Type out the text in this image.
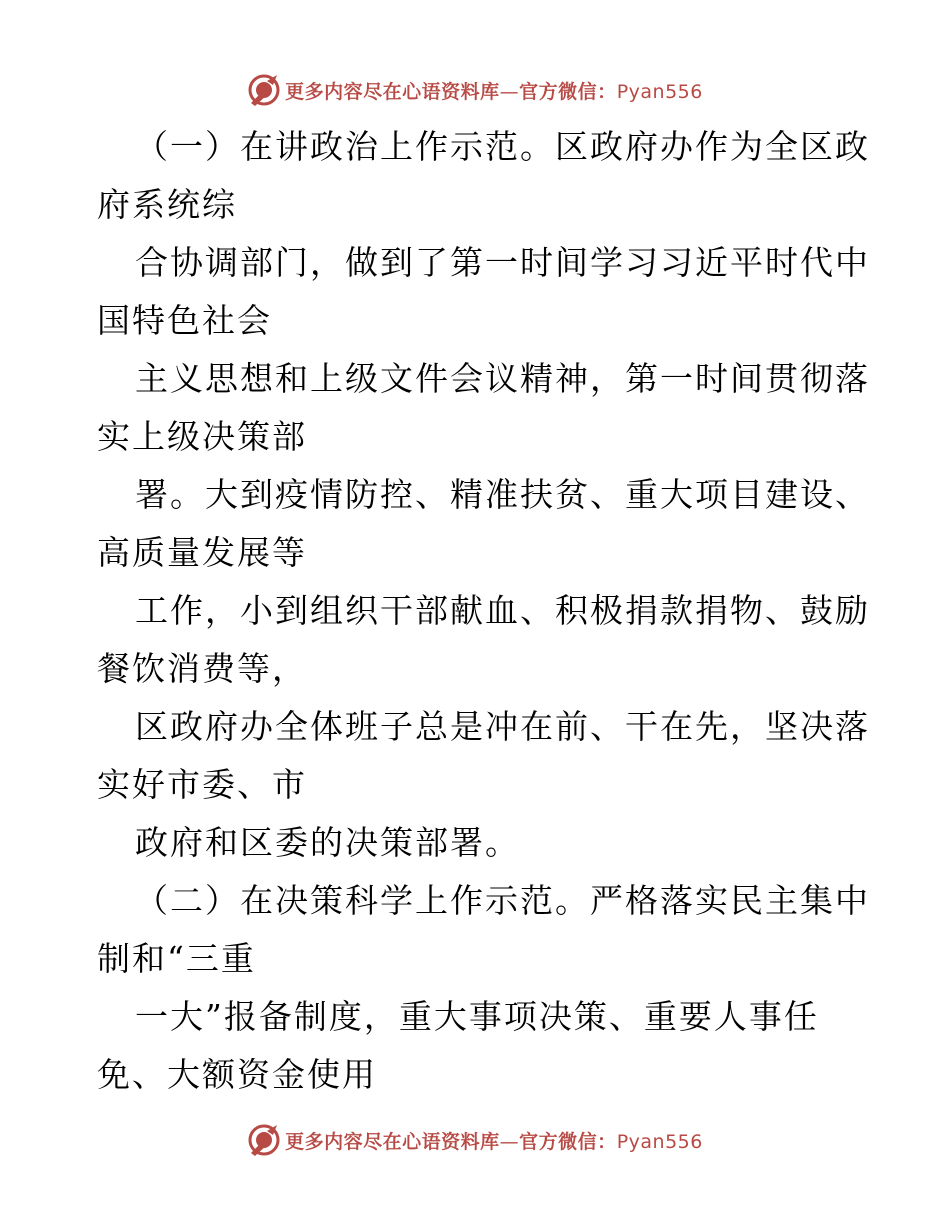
更多内容尽在心语资料库—官方微信：Pyan556
（一）在讲政治上作示范。区政府办作为全区政
府系统综
合协调部门，做到了第一时间学习习近平时代中
国特色社会
主义思想和上级文件会议精神，第一时间贯彻落
实上级决策部
署。大到疫情防控、精准扶贫、重大项目建设、
高质量发展等
工作，小到组织干部献血、积极捐款捐物、鼓励
餐饮消费等，
区政府办全体班子总是冲在前、干在先，坚决落
实好市委、市
政府和区委的决策部署。
（二）在决策科学上作示范。严格落实民主集中
制和“三重
一大”报备制度，重大事项决策、重要人事任
免、大额资金使用
更多内容尽在心语资料库—官方微信：Pyan556
